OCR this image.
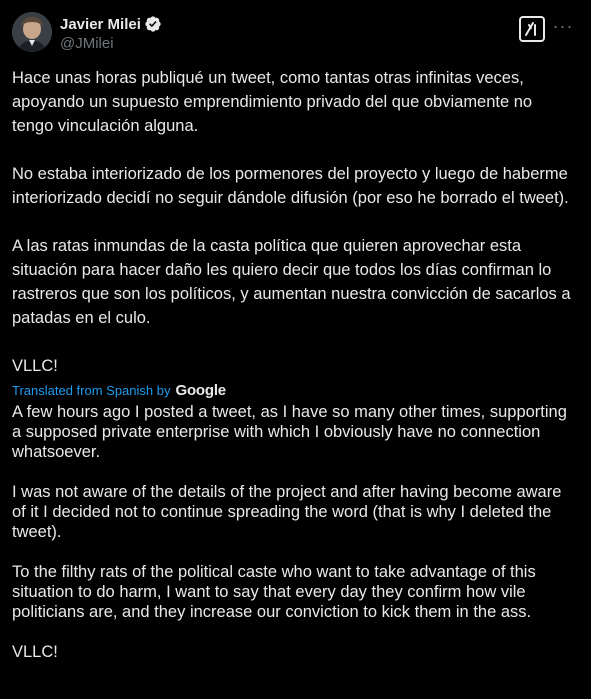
Javier Milei
@JMilei
···
Hace unas horas publiqué un tweet, como tantas otras infinitas veces, apoyando un supuesto emprendimiento privado del que obviamente no tengo vinculación alguna.
No estaba interiorizado de los pormenores del proyecto y luego de haberme interiorizado decidí no seguir dándole difusión (por eso he borrado el tweet).
A las ratas inmundas de la casta política que quieren aprovechar esta situación para hacer daño les quiero decir que todos los días confirman lo rastreros que son los políticos, y aumentan nuestra convicción de sacarlos a patadas en el culo.
VLLC!
Translated from Spanish by Google
A few hours ago I posted a tweet, as I have so many other times, supporting a supposed private enterprise with which I obviously have no connection whatsoever.
I was not aware of the details of the project and after having become aware of it I decided not to continue spreading the word (that is why I deleted the tweet).
To the filthy rats of the political caste who want to take advantage of this situation to do harm, I want to say that every day they confirm how vile politicians are, and they increase our conviction to kick them in the ass.
VLLC!
